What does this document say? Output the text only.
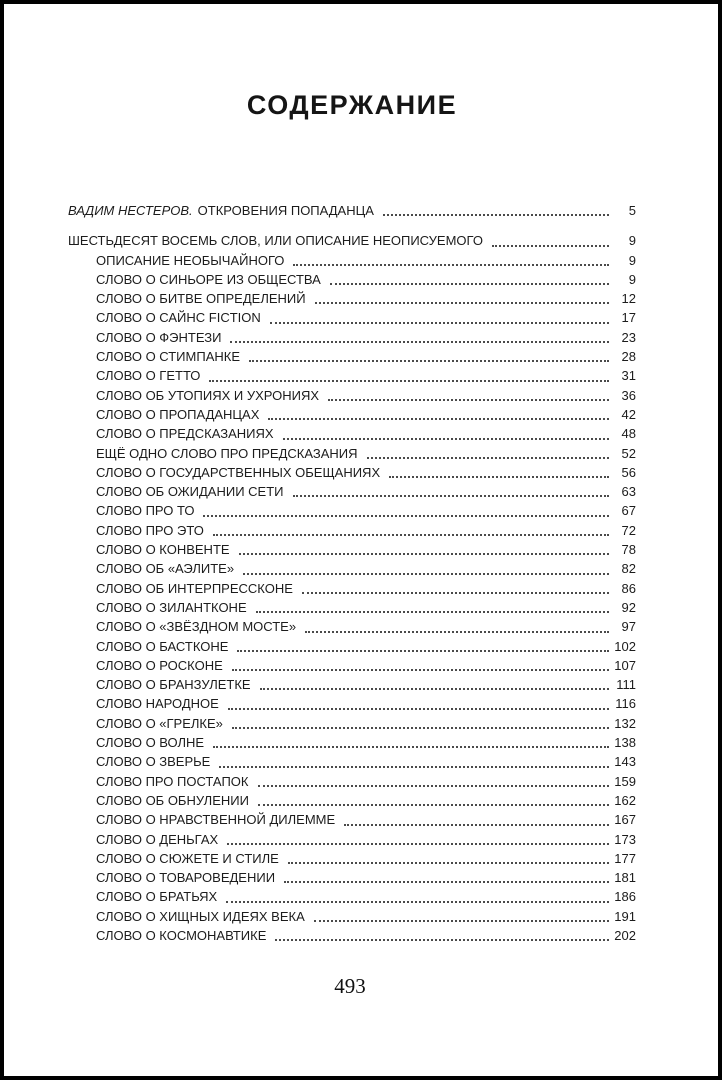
СОДЕРЖАНИЕ
ВАДИМ НЕСТЕРОВ. ОТКРОВЕНИЯ ПОПАДАНЦА	5
ШЕСТЬДЕСЯТ ВОСЕМЬ СЛОВ, ИЛИ ОПИСАНИЕ НЕОПИСУЕМОГО	9
ОПИСАНИЕ НЕОБЫЧАЙНОГО	9
СЛОВО О СИНЬОРЕ ИЗ ОБЩЕСТВА	9
СЛОВО О БИТВЕ ОПРЕДЕЛЕНИЙ	12
СЛОВО О САЙНС FICTION	17
СЛОВО О ФЭНТЕЗИ	23
СЛОВО О СТИМПАНКЕ	28
СЛОВО О ГЕТТО	31
СЛОВО ОБ УТОПИЯХ И УХРОНИЯХ	36
СЛОВО О ПРОПАДАНЦАХ	42
СЛОВО О ПРЕДСКАЗАНИЯХ	48
ЕЩЁ ОДНО СЛОВО ПРО ПРЕДСКАЗАНИЯ	52
СЛОВО О ГОСУДАРСТВЕННЫХ ОБЕЩАНИЯХ	56
СЛОВО ОБ ОЖИДАНИИ СЕТИ	63
СЛОВО ПРО ТО	67
СЛОВО ПРО ЭТО	72
СЛОВО О КОНВЕНТЕ	78
СЛОВО ОБ «АЭЛИТЕ»	82
СЛОВО ОБ ИНТЕРПРЕССКОНЕ	86
СЛОВО О ЗИЛАНТКОНЕ	92
СЛОВО О «ЗВЁЗДНОМ МОСТЕ»	97
СЛОВО О БАСТКОНЕ	102
СЛОВО О РОСКОНЕ	107
СЛОВО О БРАНЗУЛЕТКЕ	111
СЛОВО НАРОДНОЕ	116
СЛОВО О «ГРЕЛКЕ»	132
СЛОВО О ВОЛНЕ	138
СЛОВО О ЗВЕРЬЕ	143
СЛОВО ПРО ПОСТАПОК	159
СЛОВО ОБ ОБНУЛЕНИИ	162
СЛОВО О НРАВСТВЕННОЙ ДИЛЕММЕ	167
СЛОВО О ДЕНЬГАХ	173
СЛОВО О СЮЖЕТЕ И СТИЛЕ	177
СЛОВО О ТОВАРОВЕДЕНИИ	181
СЛОВО О БРАТЬЯХ	186
СЛОВО О ХИЩНЫХ ИДЕЯХ ВЕКА	191
СЛОВО О КОСМОНАВТИКЕ	202
493
